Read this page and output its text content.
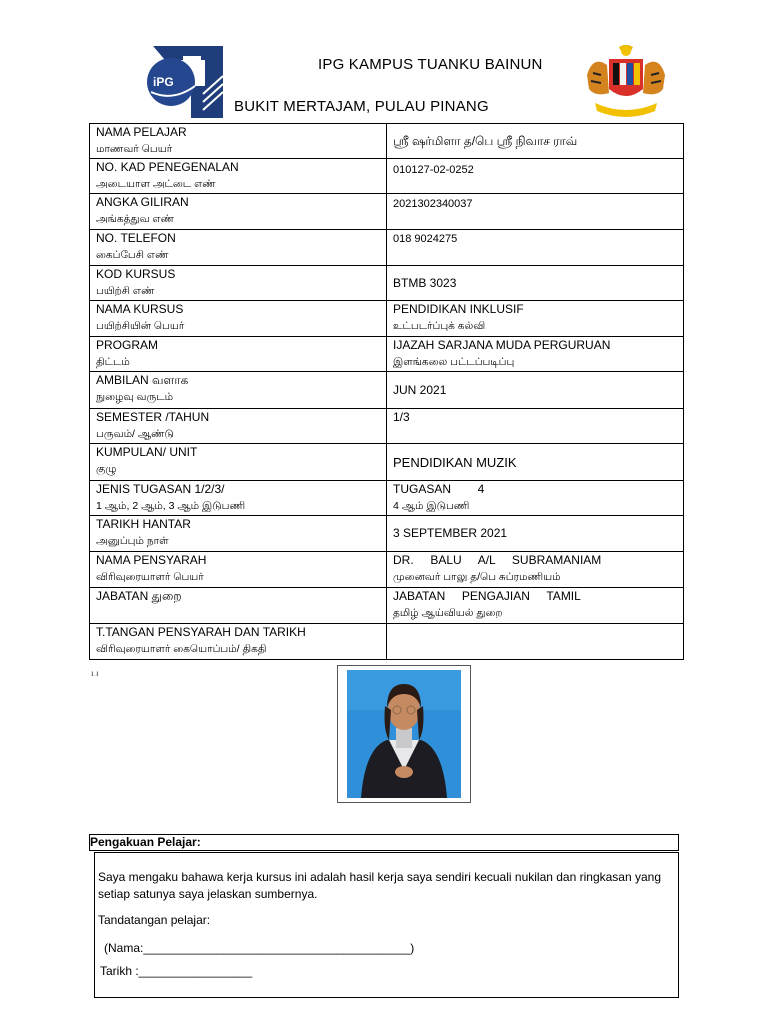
iPG
IPG KAMPUS TUANKU BAINUN
BUKIT MERTAJAM, PULAU PINANG
NAMA PELAJAR
மாணவர் பெயர்	ஸ்ரீ ஷர்மிளா த/பெ ஸ்ரீ நிவாச ராவ்

NO. KAD PENEGENALAN
அடையாள அட்டை எண்	010127-02-0252

ANGKA GILIRAN
அங்கத்துவ எண்	2021302340037

NO. TELEFON
கைப்பேசி எண்	018 9024275

KOD KURSUS
பயிற்சி எண்	BTMB 3023

NAMA KURSUS
பயிற்சியின் பெயர்	PENDIDIKAN INKLUSIF
உட்படர்ப்புக் கல்வி

PROGRAM
திட்டம்	IJAZAH SARJANA MUDA PERGURUAN
இளங்கலை பட்டப்படிப்பு

AMBILAN வளாக
நுழைவு வருடம்	JUN 2021

SEMESTER /TAHUN
பருவம்/ ஆண்டு	1/3

KUMPULAN/ UNIT
குழு	PENDIDIKAN MUZIK

JENIS TUGASAN 1/2/3/
1 ஆம், 2 ஆம், 3 ஆம் இடுபணி	TUGASAN        4
4 ஆம் இடுபணி

TARIKH HANTAR
அனுப்பும் நாள்	3 SEPTEMBER 2021

NAMA PENSYARAH
விரிவுரையாளர் பெயர்	DR.     BALU     A/L     SUBRAMANIAM
முனைவர் பாலு த/பெ சுப்ரமணியம்

JABATAN துறை	JABATAN     PENGAJIAN     TAMIL
தமிழ் ஆய்வியல் துறை

T.TANGAN PENSYARAH DAN TARIKH
விரிவுரையாளர் கையொப்பம்/ திகதி	

ப
Pengakuan Pelajar:
Saya mengaku bahawa kerja kursus ini adalah hasil kerja saya sendiri kecuali nukilan dan ringkasan yang setiap satunya saya jelaskan sumbernya.
Tandatangan pelajar:
(Nama:________________________________________)
Tarikh :_________________
